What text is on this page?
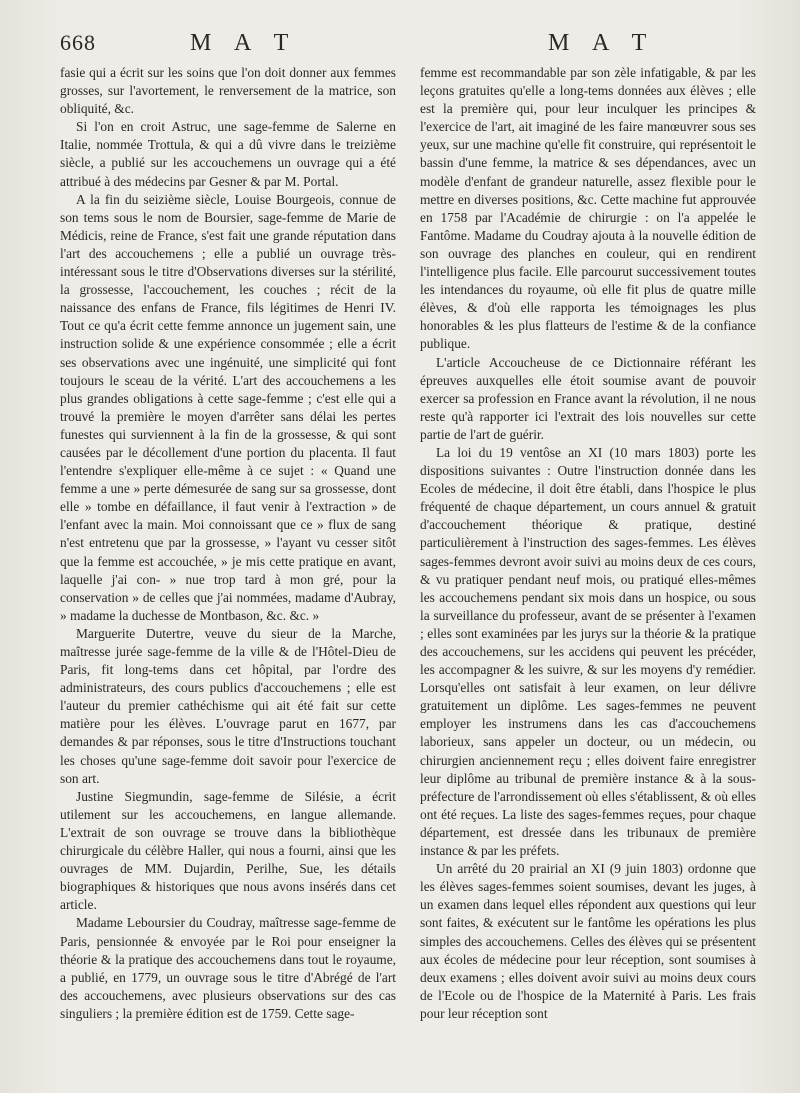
668	M A T	M A T

fasie qui a écrit sur les soins que l'on doit donner aux femmes grosses, sur l'avortement, le renversement de la matrice, son obliquité, &c.

Si l'on en croit Astruc, une sage-femme de Salerne en Italie, nommée Trottula, & qui a dû vivre dans le treizième siècle, a publié sur les accouchemens un ouvrage qui a été attribué à des médecins par Gesner & par M. Portal.

A la fin du seizième siècle, Louise Bourgeois, connue de son tems sous le nom de Boursier, sage-femme de Marie de Médicis, reine de France, s'est fait une grande réputation dans l'art des accouchemens ; elle a publié un ouvrage très-intéressant sous le titre d'Observations diverses sur la stérilité, la grossesse, l'accouchement, les couches ; récit de la naissance des enfans de France, fils légitimes de Henri IV. Tout ce qu'a écrit cette femme annonce un jugement sain, une instruction solide & une expérience consommée ; elle a écrit ses observations avec une ingénuité, une simplicité qui font toujours le sceau de la vérité. L'art des accouchemens a les plus grandes obligations à cette sage-femme ; c'est elle qui a trouvé la première le moyen d'arrêter sans délai les pertes funestes qui surviennent à la fin de la grossesse, & qui sont causées par le décollement d'une portion du placenta. Il faut l'entendre s'expliquer elle-même à ce sujet : « Quand une femme a une » perte démesurée de sang sur sa grossesse, dont elle » tombe en défaillance, il faut venir à l'extraction » de l'enfant avec la main. Moi connoissant que ce » flux de sang n'est entretenu que par la grossesse, » l'ayant vu cesser sitôt que la femme est accouchée, » je mis cette pratique en avant, laquelle j'ai con- » nue trop tard à mon gré, pour la conservation » de celles que j'ai nommées, madame d'Aubray, » madame la duchesse de Montbason, &c. &c. »

Marguerite Dutertre, veuve du sieur de la Marche, maîtresse jurée sage-femme de la ville & de l'Hôtel-Dieu de Paris, fit long-tems dans cet hôpital, par l'ordre des administrateurs, des cours publics d'accouchemens ; elle est l'auteur du premier cathéchisme qui ait été fait sur cette matière pour les élèves. L'ouvrage parut en 1677, par demandes & par réponses, sous le titre d'Instructions touchant les choses qu'une sage-femme doit savoir pour l'exercice de son art.

Justine Siegmundin, sage-femme de Silésie, a écrit utilement sur les accouchemens, en langue allemande. L'extrait de son ouvrage se trouve dans la bibliothèque chirurgicale du célèbre Haller, qui nous a fourni, ainsi que les ouvrages de MM. Dujardin, Perilhe, Sue, les détails biographiques & historiques que nous avons insérés dans cet article.

Madame Leboursier du Coudray, maîtresse sage-femme de Paris, pensionnée & envoyée par le Roi pour enseigner la théorie & la pratique des accouchemens dans tout le royaume, a publié, en 1779, un ouvrage sous le titre d'Abrégé de l'art des accouchemens, avec plusieurs observations sur des cas singuliers ; la première édition est de 1759. Cette sage-

femme est recommandable par son zèle infatigable, & par les leçons gratuites qu'elle a long-tems données aux élèves ; elle est la première qui, pour leur inculquer les principes & l'exercice de l'art, ait imaginé de les faire manœuvrer sous ses yeux, sur une machine qu'elle fit construire, qui représentoit le bassin d'une femme, la matrice & ses dépendances, avec un modèle d'enfant de grandeur naturelle, assez flexible pour le mettre en diverses positions, &c. Cette machine fut approuvée en 1758 par l'Académie de chirurgie : on l'a appelée le Fantôme. Madame du Coudray ajouta à la nouvelle édition de son ouvrage des planches en couleur, qui en rendirent l'intelligence plus facile. Elle parcourut successivement toutes les intendances du royaume, où elle fit plus de quatre mille élèves, & d'où elle rapporta les témoignages les plus honorables & les plus flatteurs de l'estime & de la confiance publique.

L'article Accoucheuse de ce Dictionnaire référant les épreuves auxquelles elle étoit soumise avant de pouvoir exercer sa profession en France avant la révolution, il ne nous reste qu'à rapporter ici l'extrait des lois nouvelles sur cette partie de l'art de guérir.

La loi du 19 ventôse an XI (10 mars 1803) porte les dispositions suivantes : Outre l'instruction donnée dans les Ecoles de médecine, il doit être établi, dans l'hospice le plus fréquenté de chaque département, un cours annuel & gratuit d'accouchement théorique & pratique, destiné particulièrement à l'instruction des sages-femmes. Les élèves sages-femmes devront avoir suivi au moins deux de ces cours, & vu pratiquer pendant neuf mois, ou pratiqué elles-mêmes les accouchemens pendant six mois dans un hospice, ou sous la surveillance du professeur, avant de se présenter à l'examen ; elles sont examinées par les jurys sur la théorie & la pratique des accouchemens, sur les accidens qui peuvent les précéder, les accompagner & les suivre, & sur les moyens d'y remédier. Lorsqu'elles ont satisfait à leur examen, on leur délivre gratuitement un diplôme. Les sages-femmes ne peuvent employer les instrumens dans les cas d'accouchemens laborieux, sans appeler un docteur, ou un médecin, ou chirurgien anciennement reçu ; elles doivent faire enregistrer leur diplôme au tribunal de première instance & à la sous-préfecture de l'arrondissement où elles s'établissent, & où elles ont été reçues. La liste des sages-femmes reçues, pour chaque département, est dressée dans les tribunaux de première instance & par les préfets.

Un arrêté du 20 prairial an XI (9 juin 1803) ordonne que les élèves sages-femmes soient soumises, devant les juges, à un examen dans lequel elles répondent aux questions qui leur sont faites, & exécutent sur le fantôme les opérations les plus simples des accouchemens. Celles des élèves qui se présentent aux écoles de médecine pour leur réception, sont soumises à deux examens ; elles doivent avoir suivi au moins deux cours de l'Ecole ou de l'hospice de la Maternité à Paris. Les frais pour leur réception sont
